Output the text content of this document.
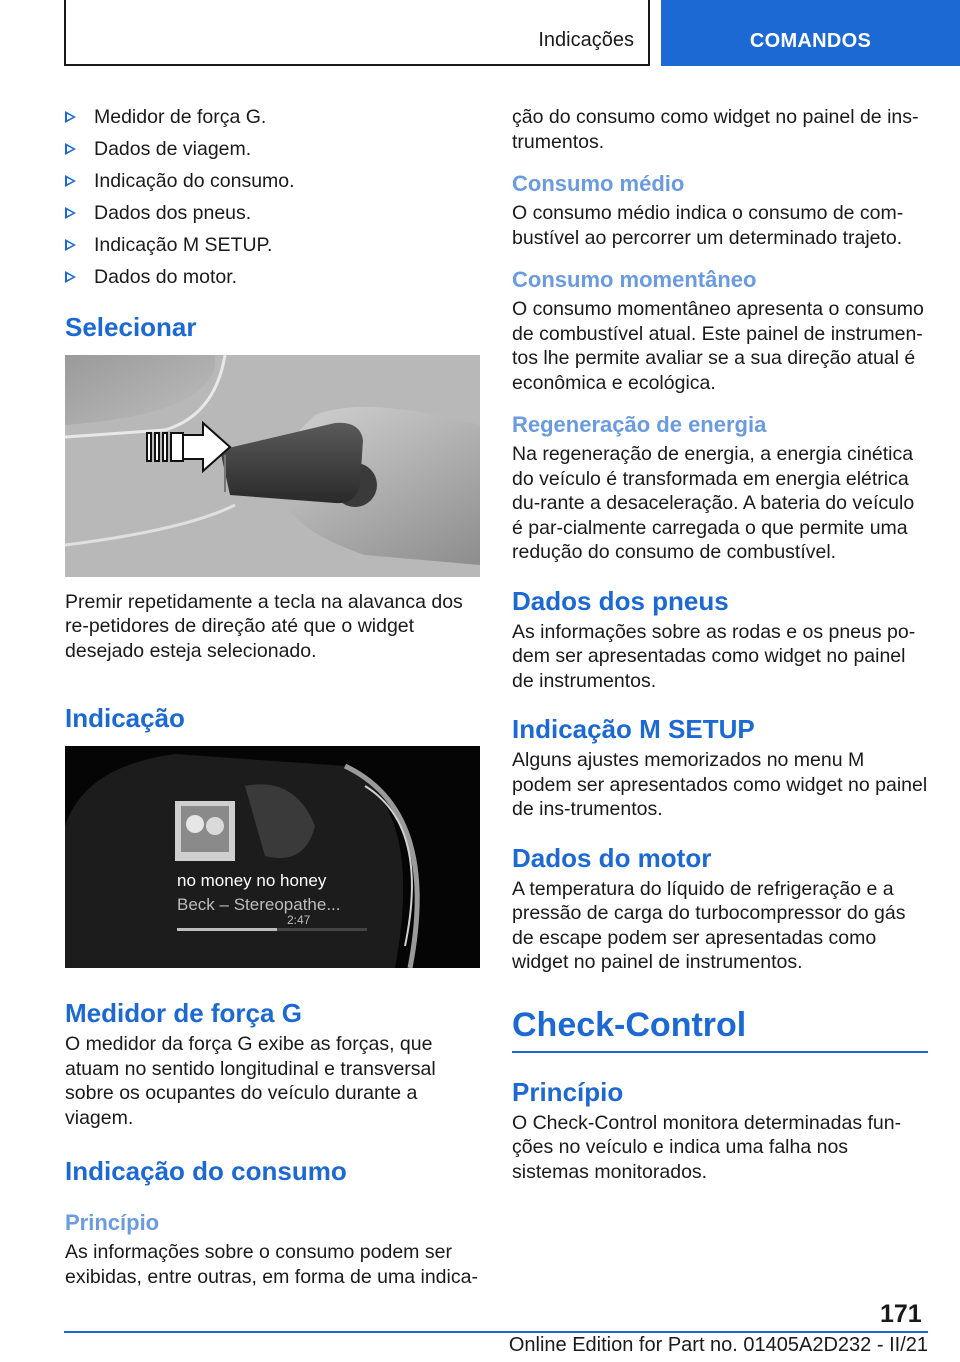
Indicações	COMANDOS
Medidor de força G.
Dados de viagem.
Indicação do consumo.
Dados dos pneus.
Indicação M SETUP.
Dados do motor.
Selecionar

Premir repetidamente a tecla na alavanca dos re-petidores de direção até que o widget desejado esteja selecionado.

Indicação
no money no honey
Beck – Stereopathe...
2:47
Medidor de força G

O medidor da força G exibe as forças, que atuam no sentido longitudinal e transversal sobre os ocupantes do veículo durante a viagem.

Indicação do consumo
Princípio

As informações sobre o consumo podem ser exibidas, entre outras, em forma de uma indica-

ção do consumo como widget no painel de ins-trumentos.

Consumo médio

O consumo médio indica o consumo de com-bustível ao percorrer um determinado trajeto.

Consumo momentâneo

O consumo momentâneo apresenta o consumo de combustível atual. Este painel de instrumen-tos lhe permite avaliar se a sua direção atual é econômica e ecológica.

Regeneração de energia

Na regeneração de energia, a energia cinética do veículo é transformada em energia elétrica du-rante a desaceleração. A bateria do veículo é par-cialmente carregada o que permite uma redução do consumo de combustível.

Dados dos pneus

As informações sobre as rodas e os pneus po-dem ser apresentadas como widget no painel de instrumentos.

Indicação M SETUP

Alguns ajustes memorizados no menu M podem ser apresentados como widget no painel de ins-trumentos.

Dados do motor

A temperatura do líquido de refrigeração e a pressão de carga do turbocompressor do gás de escape podem ser apresentadas como widget no painel de instrumentos.

Check-Control
Princípio

O Check-Control monitora determinadas fun-ções no veículo e indica uma falha nos sistemas monitorados.

171
Online Edition for Part no. 01405A2D232 - II/21
